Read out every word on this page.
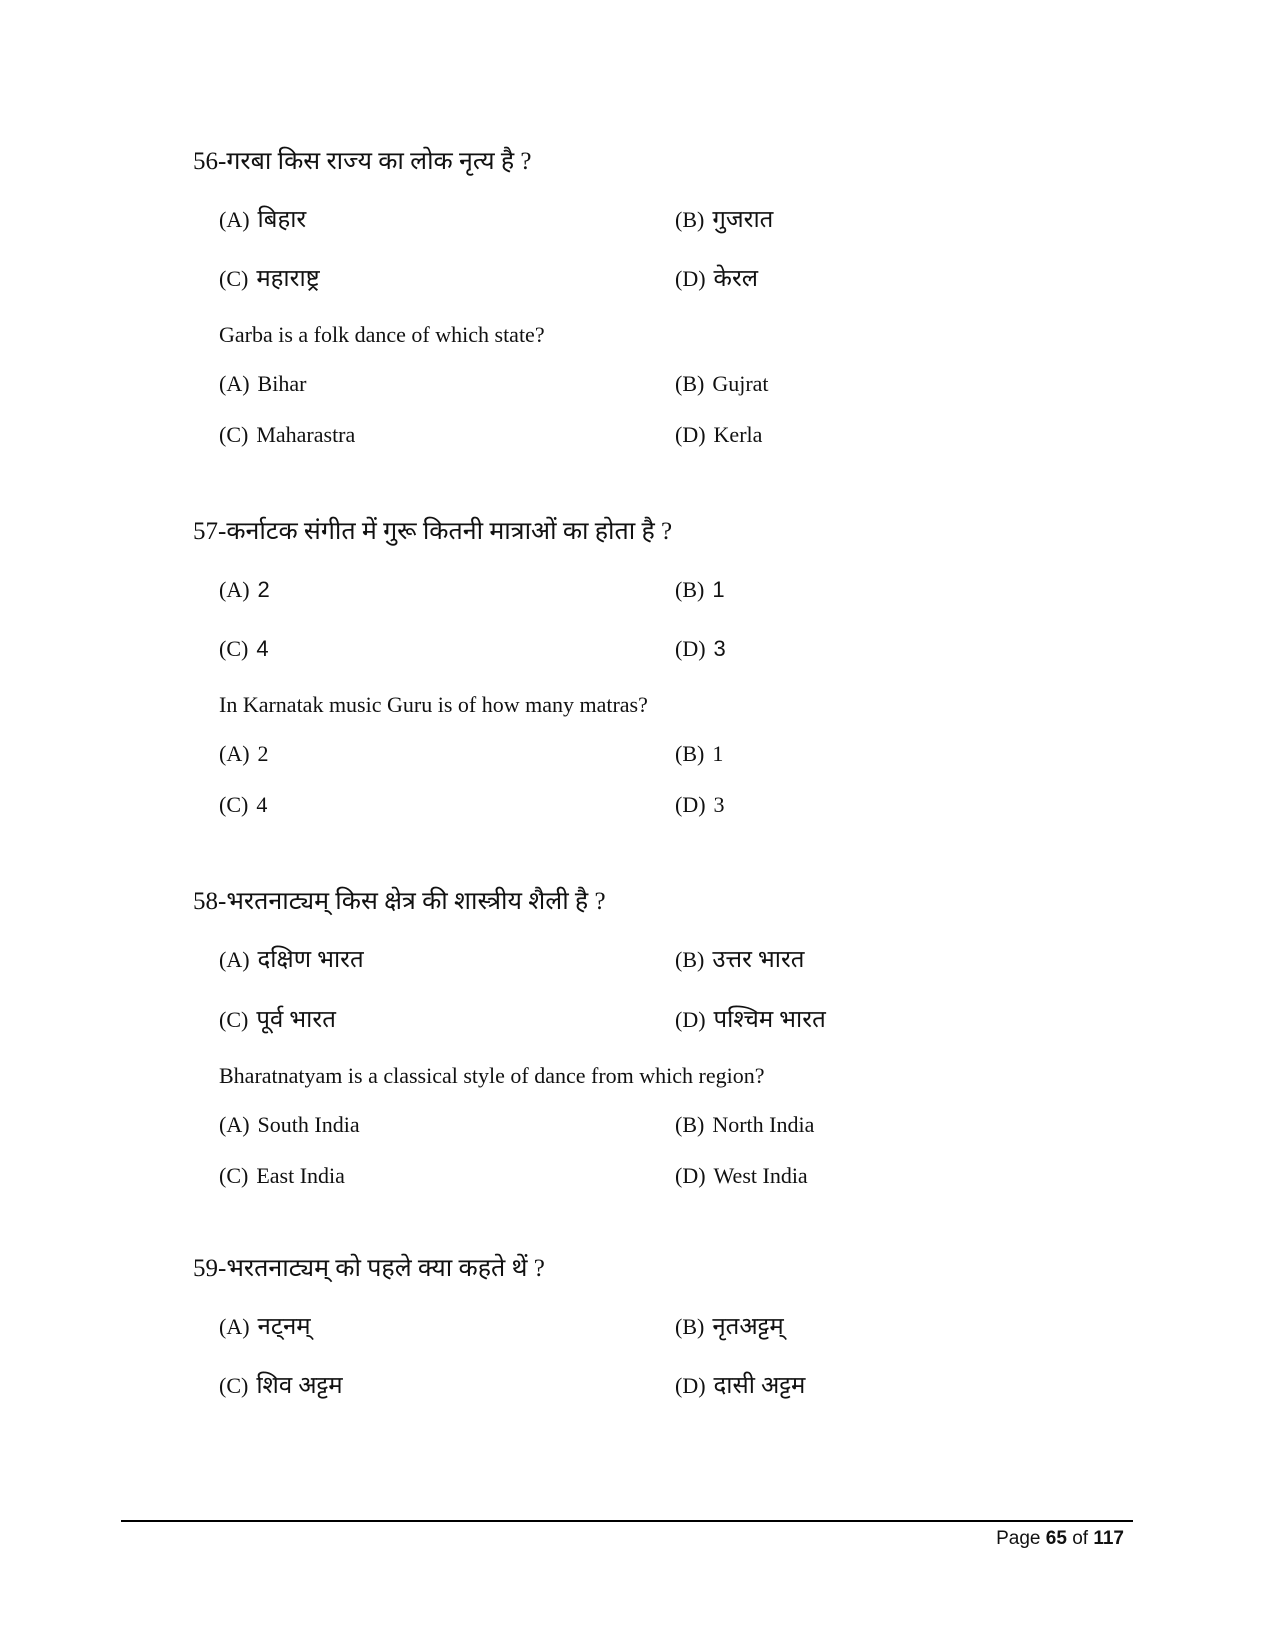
56-गरबा किस राज्य का लोक नृत्य है ?
(A) बिहार	(B) गुजरात
(C) महाराष्ट्र	(D) केरल
Garba is a folk dance of which state?
(A) Bihar	(B) Gujrat
(C) Maharastra	(D) Kerla
57-कर्नाटक संगीत में गुरू कितनी मात्राओं का होता है ?
(A) 2	(B) 1
(C) 4	(D) 3
In Karnatak music Guru is of how many matras?
(A) 2	(B) 1
(C) 4	(D) 3
58-भरतनाट्यम् किस क्षेत्र की शास्त्रीय शैली है ?
(A) दक्षिण भारत	(B) उत्तर भारत
(C) पूर्व भारत	(D) पश्चिम भारत
Bharatnatyam is a classical style of dance from which region?
(A) South India	(B) North India
(C) East India	(D) West India
59-भरतनाट्यम् को पहले क्या कहते थें ?
(A) नट्नम्	(B) नृतअट्टम्
(C) शिव अट्टम	(D) दासी अट्टम
Page 65 of 117
